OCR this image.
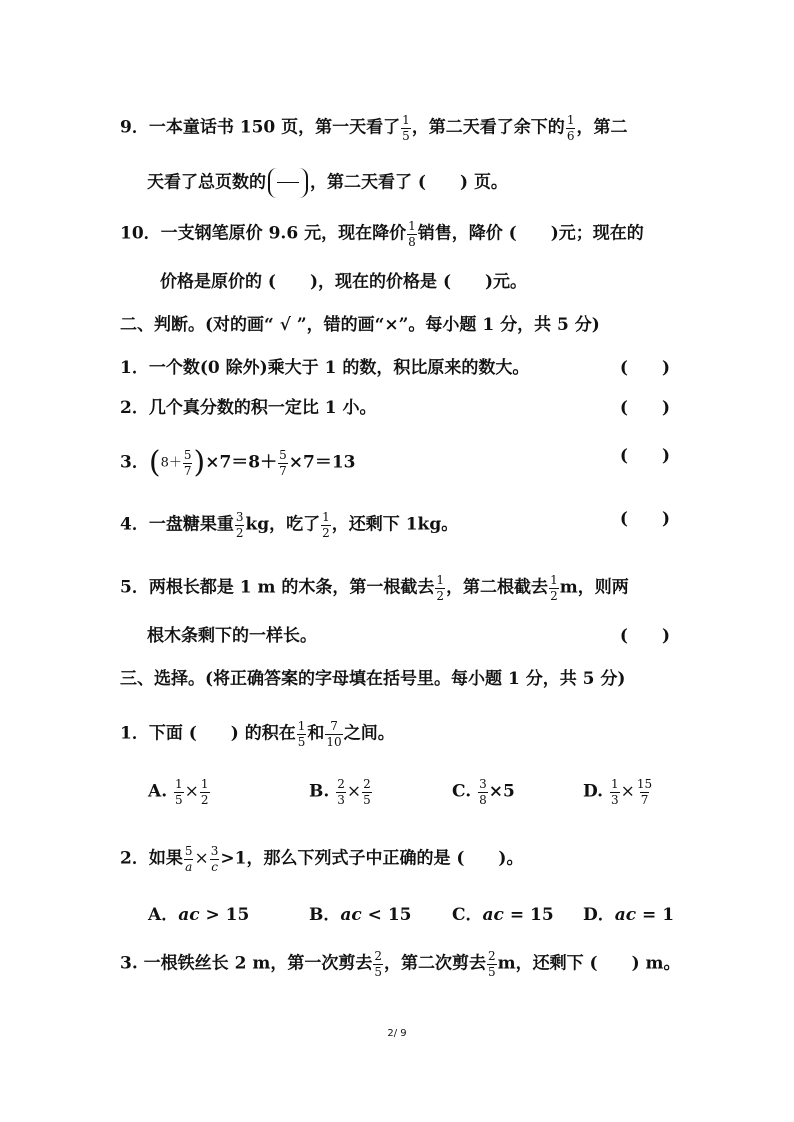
9．一本童话书 150 页，第一天看了 $\frac{1}{5}$ ，第二天看了余下的 $\frac{1}{6}$ ，第二
天看了总页数的	，第二天看了 (　　) 页。
10．一支钢笔原价 9.6 元，现在降价 $\frac{1}{8}$ 销售，降价 (　　)元；现在的
价格是原价的 (　　)，现在的价格是 (　　)元。
二、判断。(对的画“ √ ”，错的画“×”。每小题 1 分，共 5 分)
1．一个数(0 除外)乘大于 1 的数，积比原来的数大。	(　　)
2．几个真分数的积一定比 1 小。	(　　)
3．$(8+ \frac{5}{7} )\times 7=8+ \frac{5}{7} \times 7=13$	(　　)
4．一盘糖果重 $\frac{3}{2}$ kg，吃了 $\frac{1}{2}$ ，还剩下 1kg。	(　　)
5．两根长都是 1 m 的木条，第一根截去 $\frac{1}{2}$ ，第二根截去 $\frac{1}{2}$ m，则两
根木条剩下的一样长。	(　　)
三、选择。(将正确答案的字母填在括号里。每小题 1 分，共 5 分)
1．下面 (　　) 的积在 $\frac{1}{5}$ 和 $\frac{7}{10}$ 之间。
A. $\frac{1}{5} \times \frac{1}{2}$	B. $\frac{2}{3} \times \frac{2}{5}$	C. $\frac{3}{8} \times 5$	D. $\frac{1}{3} \times \frac{15}{7}$
2．如果 $\frac{5}{a} \times \frac{3}{c} >1$，那么下列式子中正确的是 (　　)。
A．ac > 15	B．ac < 15 C．ac = 15 D．ac = 1
3. 一根铁丝长 2 m，第一次剪去 $\frac{2}{5}$ ，第二次剪去 $\frac{2}{5}$ m，还剩下 (　　) m。
2/ 9
